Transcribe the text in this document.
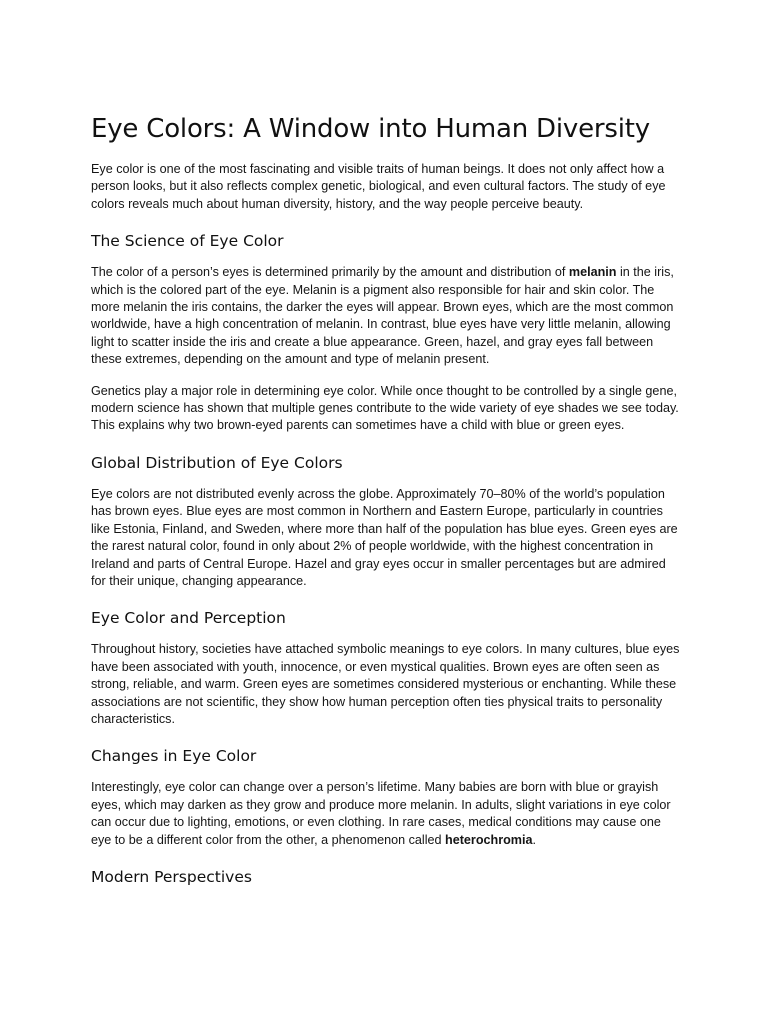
Eye Colors: A Window into Human Diversity

Eye color is one of the most fascinating and visible traits of human beings. It does not only affect how a person looks, but it also reflects complex genetic, biological, and even cultural factors. The study of eye colors reveals much about human diversity, history, and the way people perceive beauty.

The Science of Eye Color

The color of a person’s eyes is determined primarily by the amount and distribution of melanin in the iris, which is the colored part of the eye. Melanin is a pigment also responsible for hair and skin color. The more melanin the iris contains, the darker the eyes will appear. Brown eyes, which are the most common worldwide, have a high concentration of melanin. In contrast, blue eyes have very little melanin, allowing light to scatter inside the iris and create a blue appearance. Green, hazel, and gray eyes fall between these extremes, depending on the amount and type of melanin present.

Genetics play a major role in determining eye color. While once thought to be controlled by a single gene, modern science has shown that multiple genes contribute to the wide variety of eye shades we see today. This explains why two brown-eyed parents can sometimes have a child with blue or green eyes.

Global Distribution of Eye Colors

Eye colors are not distributed evenly across the globe. Approximately 70–80% of the world’s population has brown eyes. Blue eyes are most common in Northern and Eastern Europe, particularly in countries like Estonia, Finland, and Sweden, where more than half of the population has blue eyes. Green eyes are the rarest natural color, found in only about 2% of people worldwide, with the highest concentration in Ireland and parts of Central Europe. Hazel and gray eyes occur in smaller percentages but are admired for their unique, changing appearance.

Eye Color and Perception

Throughout history, societies have attached symbolic meanings to eye colors. In many cultures, blue eyes have been associated with youth, innocence, or even mystical qualities. Brown eyes are often seen as strong, reliable, and warm. Green eyes are sometimes considered mysterious or enchanting. While these associations are not scientific, they show how human perception often ties physical traits to personality characteristics.

Changes in Eye Color

Interestingly, eye color can change over a person’s lifetime. Many babies are born with blue or grayish eyes, which may darken as they grow and produce more melanin. In adults, slight variations in eye color can occur due to lighting, emotions, or even clothing. In rare cases, medical conditions may cause one eye to be a different color from the other, a phenomenon called heterochromia.

Modern Perspectives
